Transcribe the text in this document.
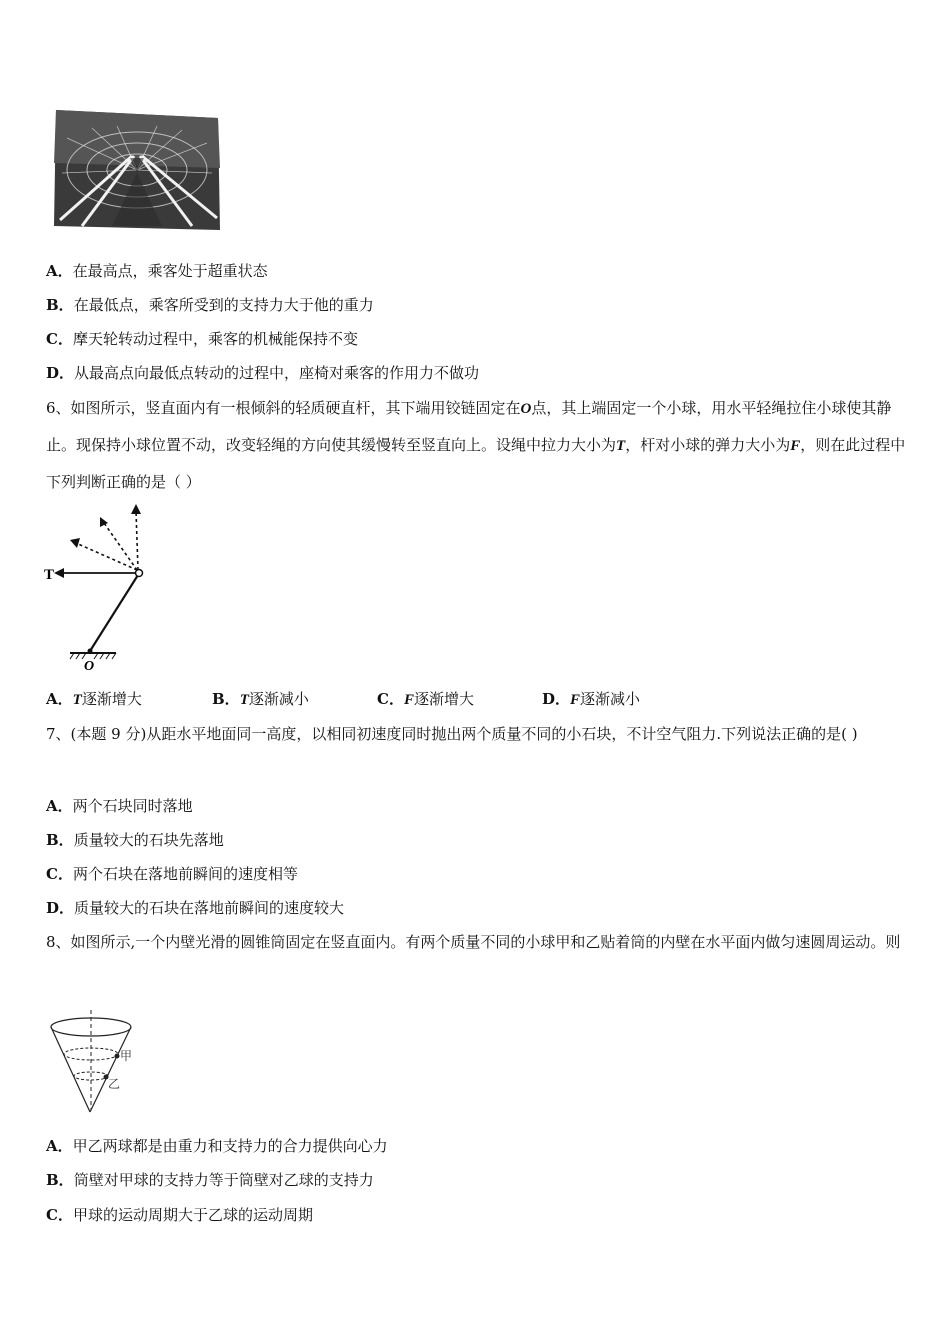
A．在最高点，乘客处于超重状态
B．在最低点，乘客所受到的支持力大于他的重力
C．摩天轮转动过程中，乘客的机械能保持不变
D．从最高点向最低点转动的过程中，座椅对乘客的作用力不做功
6、如图所示，竖直面内有一根倾斜的轻质硬直杆，其下端用铰链固定在O点，其上端固定一个小球，用水平轻绳拉住小球使其静止。现保持小球位置不动，改变轻绳的方向使其缓慢转至竖直向上。设绳中拉力大小为T，杆对小球的弹力大小为F，则在此过程中下列判断正确的是（ ）
T
O
A．T逐渐增大	B．T逐渐减小	C．F逐渐增大	D．F逐渐减小
7、(本题 9 分)从距水平地面同一高度，以相同初速度同时抛出两个质量不同的小石块，不计空气阻力.下列说法正确的是( )
A．两个石块同时落地
B．质量较大的石块先落地
C．两个石块在落地前瞬间的速度相等
D．质量较大的石块在落地前瞬间的速度较大
8、如图所示,一个内壁光滑的圆锥筒固定在竖直面内。有两个质量不同的小球甲和乙贴着筒的内壁在水平面内做匀速圆周运动。则
甲
乙
A．甲乙两球都是由重力和支持力的合力提供向心力
B．筒壁对甲球的支持力等于筒壁对乙球的支持力
C．甲球的运动周期大于乙球的运动周期
